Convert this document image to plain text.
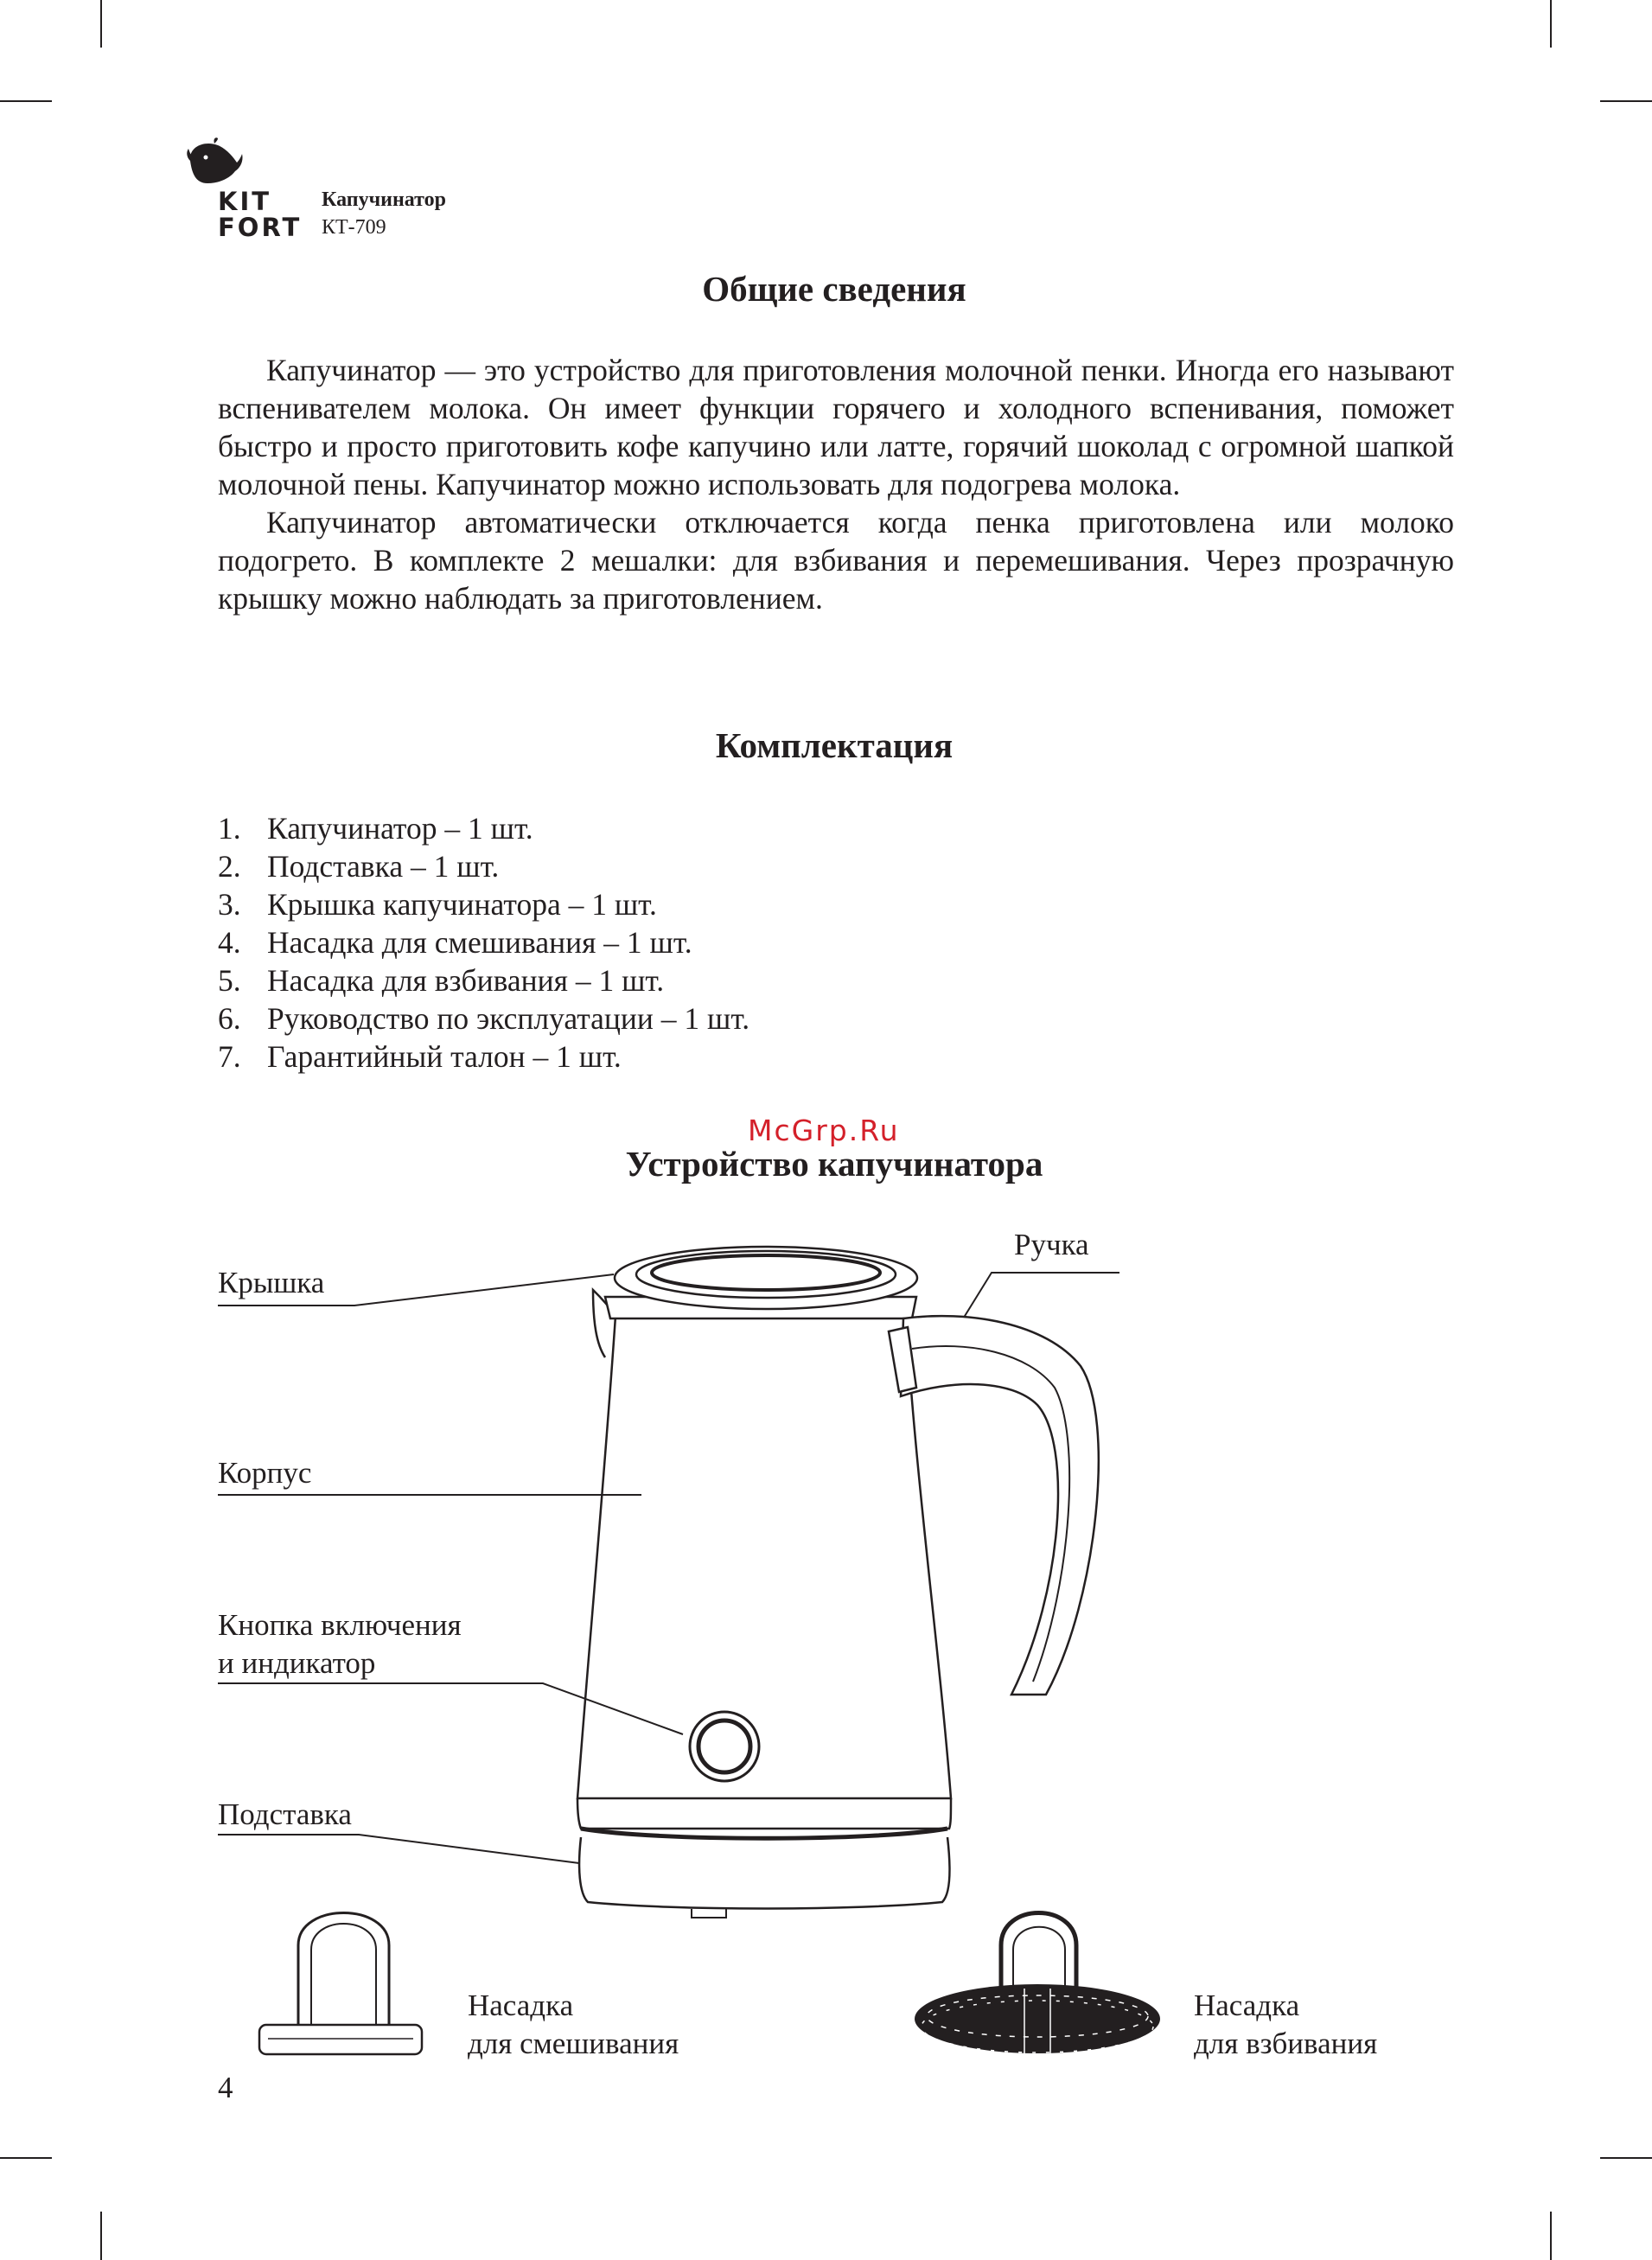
KIT
FORT
Капучинатор
КТ-709
Общие сведения

Капучинатор — это устройство для приготовления молочной пенки. Иногда его называют вспенивателем молока. Он имеет функции горячего и холодного вспенивания, поможет быстро и просто приготовить кофе капучино или латте, горячий шоколад с огромной шапкой молочной пены. Капучинатор можно использовать для подогрева молока.

Капучинатор автоматически отключается когда пенка приготовлена или молоко подогрето. В комплекте 2 мешалки: для взбивания и перемешивания. Через прозрачную крышку можно наблюдать за приготовлением.

Комплектация
1. Капучинатор – 1 шт.
2. Подставка – 1 шт.
3. Крышка капучинатора – 1 шт.
4. Насадка для смешивания – 1 шт.
5. Насадка для взбивания – 1 шт.
6. Руководство по эксплуатации – 1 шт.
7. Гарантийный талон – 1 шт.
McGrp.Ru
Устройство капучинатора
Крышка
Ручка
Корпус
Кнопка включения
и индикатор
Подставка
Насадка
для смешивания
Насадка
для взбивания
4
